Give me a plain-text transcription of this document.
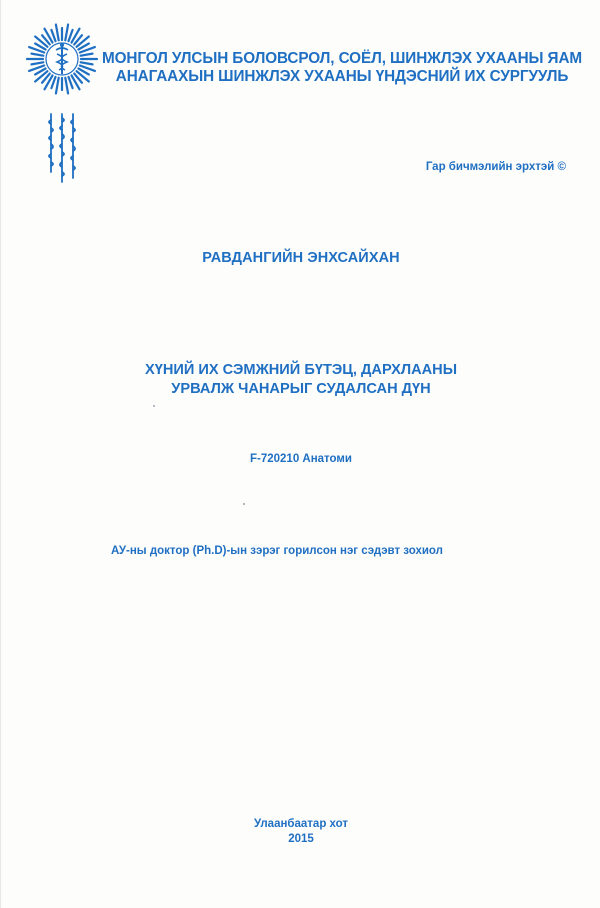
МОНГОЛ УЛСЫН БОЛОВСРОЛ, СОЁЛ, ШИНЖЛЭХ УХААНЫ ЯАМ
АНАГААХЫН ШИНЖЛЭХ УХААНЫ ҮНДЭСНИЙ ИХ СУРГУУЛЬ
Гар бичмэлийн эрхтэй ©
РАВДАНГИЙН ЭНХСАЙХАН
ХҮНИЙ ИХ СЭМЖНИЙ БҮТЭЦ, ДАРХЛААНЫ
УРВАЛЖ ЧАНАРЫГ СУДАЛСАН ДҮН
F-720210 Анатоми
АУ-ны доктор (Ph.D)-ын зэрэг горилсон нэг сэдэвт зохиол
Улаанбаатар хот
2015
